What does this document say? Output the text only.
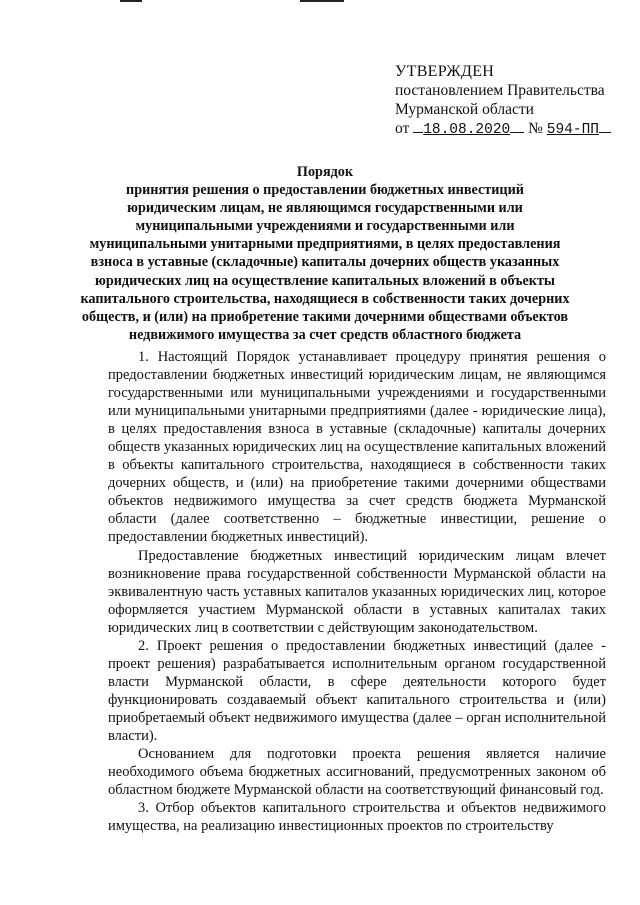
УТВЕРЖДЕН
постановлением Правительства
Мурманской области
от 18.08.2020 № 594-ПП
Порядок
принятия решения о предоставлении бюджетных инвестиций юридическим лицам, не являющимся государственными или муниципальными учреждениями и государственными или муниципальными унитарными предприятиями, в целях предоставления взноса в уставные (складочные) капиталы дочерних обществ указанных юридических лиц на осуществление капитальных вложений в объекты капитального строительства, находящиеся в собственности таких дочерних обществ, и (или) на приобретение такими дочерними обществами объектов недвижимого имущества за счет средств областного бюджета

1. Настоящий Порядок устанавливает процедуру принятия решения о предоставлении бюджетных инвестиций юридическим лицам, не являющимся государственными или муниципальными учреждениями и государственными или муниципальными унитарными предприятиями (далее - юридические лица), в целях предоставления взноса в уставные (складочные) капиталы дочерних обществ указанных юридических лиц на осуществление капитальных вложений в объекты капитального строительства, находящиеся в собственности таких дочерних обществ, и (или) на приобретение такими дочерними обществами объектов недвижимого имущества за счет средств бюджета Мурманской области (далее соответственно – бюджетные инвестиции, решение о предоставлении бюджетных инвестиций).

Предоставление бюджетных инвестиций юридическим лицам влечет возникновение права государственной собственности Мурманской области на эквивалентную часть уставных капиталов указанных юридических лиц, которое оформляется участием Мурманской области в уставных капиталах таких юридических лиц в соответствии с действующим законодательством.

2. Проект решения о предоставлении бюджетных инвестиций (далее - проект решения) разрабатывается исполнительным органом государственной власти Мурманской области, в сфере деятельности которого будет функционировать создаваемый объект капитального строительства и (или) приобретаемый объект недвижимого имущества (далее – орган исполнительной власти).

Основанием для подготовки проекта решения является наличие необходимого объема бюджетных ассигнований, предусмотренных законом об областном бюджете Мурманской области на соответствующий финансовый год.

3. Отбор объектов капитального строительства и объектов недвижимого имущества, на реализацию инвестиционных проектов по строительству
